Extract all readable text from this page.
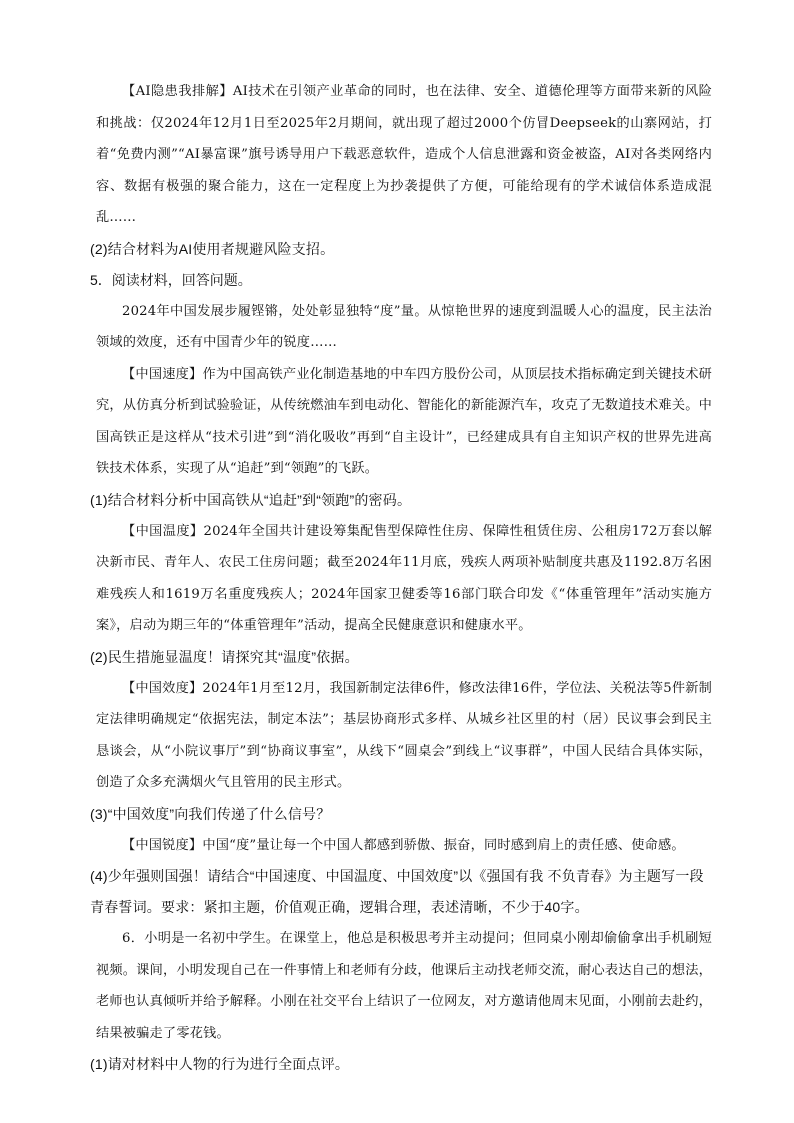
【AI隐患我排解】AI技术在引领产业革命的同时，也在法律、安全、道德伦理等方面带来新的风险和挑战：仅2024年12月1日至2025年2月期间，就出现了超过2000个仿冒Deepseek的山寨网站，打着“免费内测”“AI暴富课”旗号诱导用户下载恶意软件，造成个人信息泄露和资金被盗，AI对各类网络内容、数据有极强的聚合能力，这在一定程度上为抄袭提供了方便，可能给现有的学术诚信体系造成混乱……

(2)结合材料为AI使用者规避风险支招。

5．阅读材料，回答问题。

2024年中国发展步履铿锵，处处彰显独特“度”量。从惊艳世界的速度到温暖人心的温度，民主法治领域的效度，还有中国青少年的锐度……

【中国速度】作为中国高铁产业化制造基地的中车四方股份公司，从顶层技术指标确定到关键技术研究，从仿真分析到试验验证，从传统燃油车到电动化、智能化的新能源汽车，攻克了无数道技术难关。中国高铁正是这样从“技术引进”到“消化吸收”再到“自主设计”，已经建成具有自主知识产权的世界先进高铁技术体系，实现了从“追赶”到“领跑”的飞跃。

(1)结合材料分析中国高铁从“追赶”到“领跑”的密码。

【中国温度】2024年全国共计建设筹集配售型保障性住房、保障性租赁住房、公租房172万套以解决新市民、青年人、农民工住房问题；截至2024年11月底，残疾人两项补贴制度共惠及1192.8万名困难残疾人和1619万名重度残疾人；2024年国家卫健委等16部门联合印发《“体重管理年”活动实施方案》，启动为期三年的“体重管理年”活动，提高全民健康意识和健康水平。

(2)民生措施显温度！请探究其“温度”依据。

【中国效度】2024年1月至12月，我国新制定法律6件，修改法律16件，学位法、关税法等5件新制定法律明确规定“依据宪法，制定本法”；基层协商形式多样、从城乡社区里的村（居）民议事会到民主恳谈会，从“小院议事厅”到“协商议事室”，从线下“圆桌会”到线上“议事群”，中国人民结合具体实际，创造了众多充满烟火气且管用的民主形式。

(3)“中国效度”向我们传递了什么信号？

【中国锐度】中国“度”量让每一个中国人都感到骄傲、振奋，同时感到肩上的责任感、使命感。

(4)少年强则国强！请结合“中国速度、中国温度、中国效度”以《强国有我 不负青春》为主题写一段青春誓词。要求：紧扣主题，价值观正确，逻辑合理，表述清晰，不少于40字。

6．小明是一名初中学生。在课堂上，他总是积极思考并主动提问；但同桌小刚却偷偷拿出手机刷短视频。课间，小明发现自己在一件事情上和老师有分歧，他课后主动找老师交流，耐心表达自己的想法，老师也认真倾听并给予解释。小刚在社交平台上结识了一位网友，对方邀请他周末见面，小刚前去赴约，结果被骗走了零花钱。

(1)请对材料中人物的行为进行全面点评。
